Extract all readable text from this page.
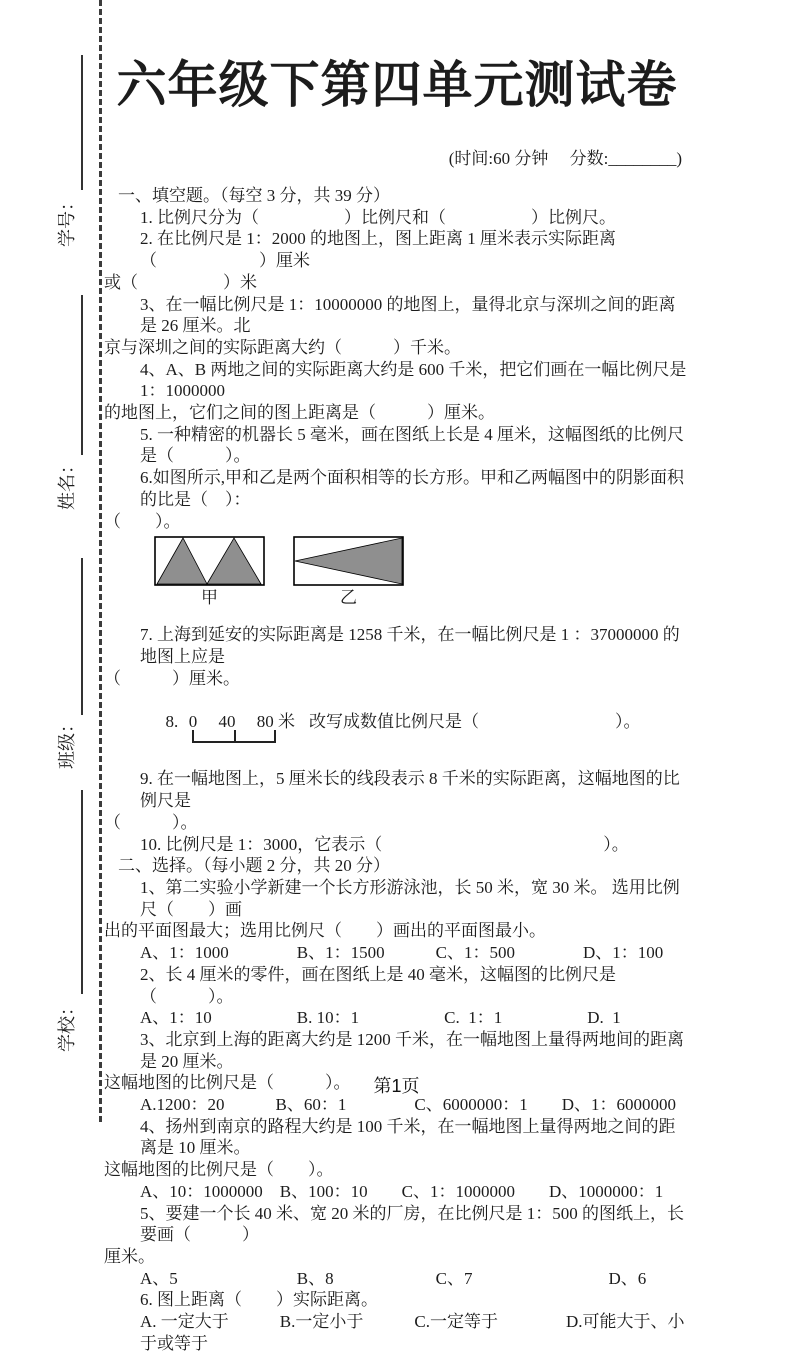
学号：
姓名：
班级：
学校：
六年级下第四单元测试卷
(时间:60 分钟　 分数:________)
一、填空题。（每空 3 分，共 39 分）
1. 比例尺分为（　　　　　）比例尺和（　　　　　）比例尺。
2. 在比例尺是 1：2000 的地图上，图上距离 1 厘米表示实际距离（　　　　　　）厘米
或（　　　　　）米
3、在一幅比例尺是 1：10000000 的地图上，量得北京与深圳之间的距离是 26 厘米。北
京与深圳之间的实际距离大约（　　　）千米。
4、A、B 两地之间的实际距离大约是 600 千米，把它们画在一幅比例尺是 1：1000000
的地图上，它们之间的图上距离是（　　　）厘米。
5. 一种精密的机器长 5 毫米，画在图纸上长是 4 厘米，这幅图纸的比例尺是（　　　）。
6.如图所示,甲和乙是两个面积相等的长方形。甲和乙两幅图中的阴影面积的比是（　）：
（　　）。
甲	乙
7. 上海到延安的实际距离是 1258 千米，在一幅比例尺是 1 ：37000000 的地图上应是
（　　　）厘米。

8.  0　 40　 80 米 改写成数值比例尺是（　　　　　　　　）。

9. 在一幅地图上，5 厘米长的线段表示 8 千米的实际距离，这幅地图的比例尺是
（　　　）。
10. 比例尺是 1：3000，它表示（　　　　　　　　　　　　　）。
二、选择。（每小题 2 分，共 20 分）
1、第二实验小学新建一个长方形游泳池，长 50 米，宽 30 米。 选用比例尺（　　）画
出的平面图最大；选用比例尺（　　）画出的平面图最小。
A、1：1000　　　　B、1：1500　　　C、1：500　　　　D、1：100
2、长 4 厘米的零件，画在图纸上是 40 毫米，这幅图的比例尺是（　　　）。
A、1：10　　　　　B. 10：1　　　　　C.  1：1　　　　　D.  1
3、北京到上海的距离大约是 1200 千米，在一幅地图上量得两地间的距离是 20 厘米。
这幅地图的比例尺是（　　　）。
A.1200：20　　　B、60：1　　　　C、6000000：1　　D、1：6000000
4、扬州到南京的路程大约是 100 千米，在一幅地图上量得两地之间的距离是 10 厘米。
这幅地图的比例尺是（　　）。
A、10：1000000　B、100：10　　C、1：1000000　　D、1000000：1
5、要建一个长 40 米、宽 20 米的厂房，在比例尺是 1：500 的图纸上，长要画（　　　）
厘米。
A、5　　　　　　　B、8　　　　　　C、7　　　　　　　　D、6
6. 图上距离（　　）实际距离。
A. 一定大于　　　B.一定小于　　　C.一定等于　　　　D.可能大于、小于或等于
第1页
